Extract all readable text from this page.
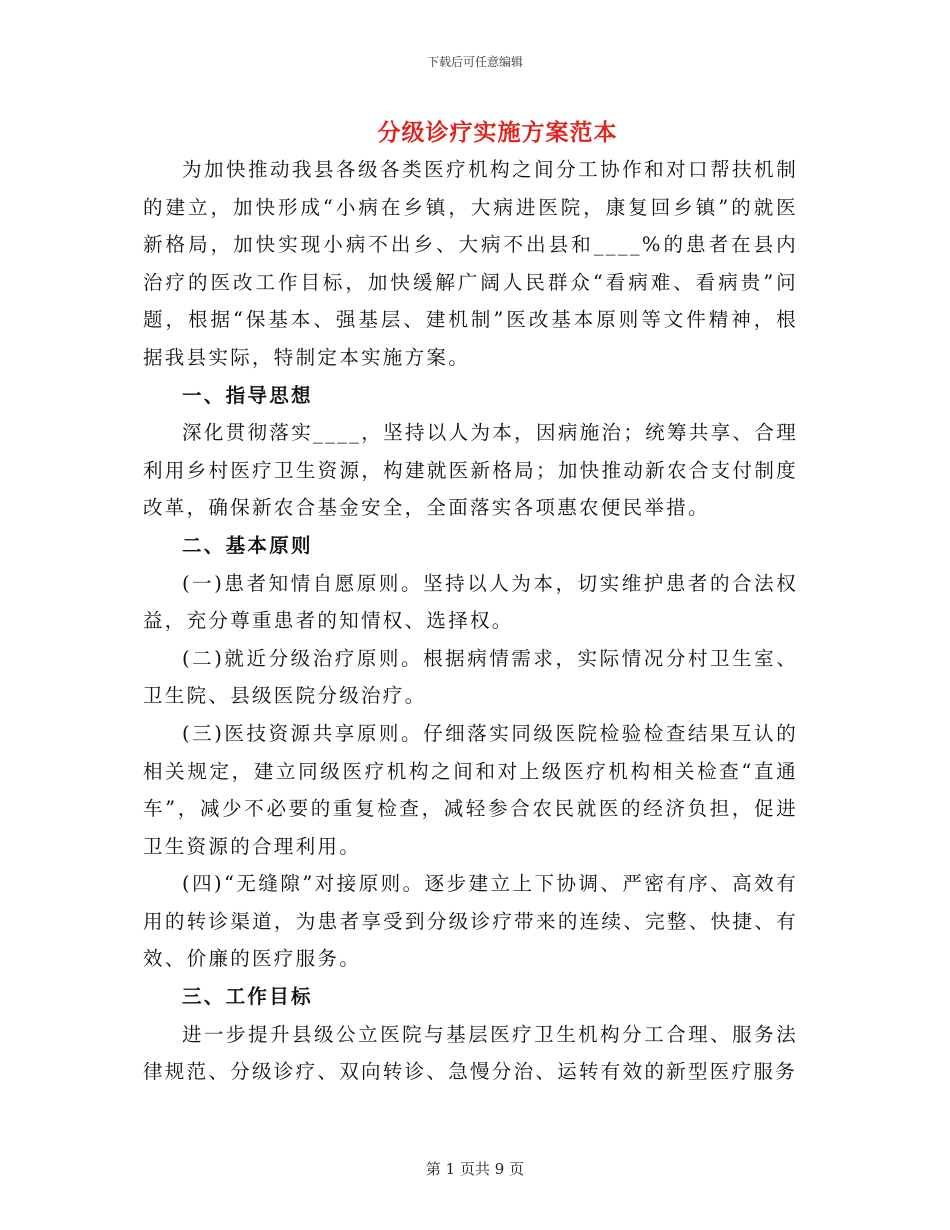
下载后可任意编辑
分级诊疗实施方案范本

为加快推动我县各级各类医疗机构之间分工协作和对口帮扶机制的建立，加快形成“小病在乡镇，大病进医院，康复回乡镇”的就医新格局，加快实现小病不出乡、大病不出县和____%的患者在县内治疗的医改工作目标，加快缓解广阔人民群众“看病难、看病贵”问题，根据“保基本、强基层、建机制”医改基本原则等文件精神，根据我县实际，特制定本实施方案。

一、指导思想

深化贯彻落实____，坚持以人为本，因病施治；统筹共享、合理利用乡村医疗卫生资源，构建就医新格局；加快推动新农合支付制度改革，确保新农合基金安全，全面落实各项惠农便民举措。

二、基本原则

(一)患者知情自愿原则。坚持以人为本，切实维护患者的合法权益，充分尊重患者的知情权、选择权。

(二)就近分级治疗原则。根据病情需求，实际情况分村卫生室、卫生院、县级医院分级治疗。

(三)医技资源共享原则。仔细落实同级医院检验检查结果互认的相关规定，建立同级医疗机构之间和对上级医疗机构相关检查“直通车”，减少不必要的重复检查，减轻参合农民就医的经济负担，促进卫生资源的合理利用。

(四)“无缝隙”对接原则。逐步建立上下协调、严密有序、高效有用的转诊渠道，为患者享受到分级诊疗带来的连续、完整、快捷、有效、价廉的医疗服务。

三、工作目标

进一步提升县级公立医院与基层医疗卫生机构分工合理、服务法律规范、分级诊疗、双向转诊、急慢分治、运转有效的新型医疗服务

第 1 页共 9 页
